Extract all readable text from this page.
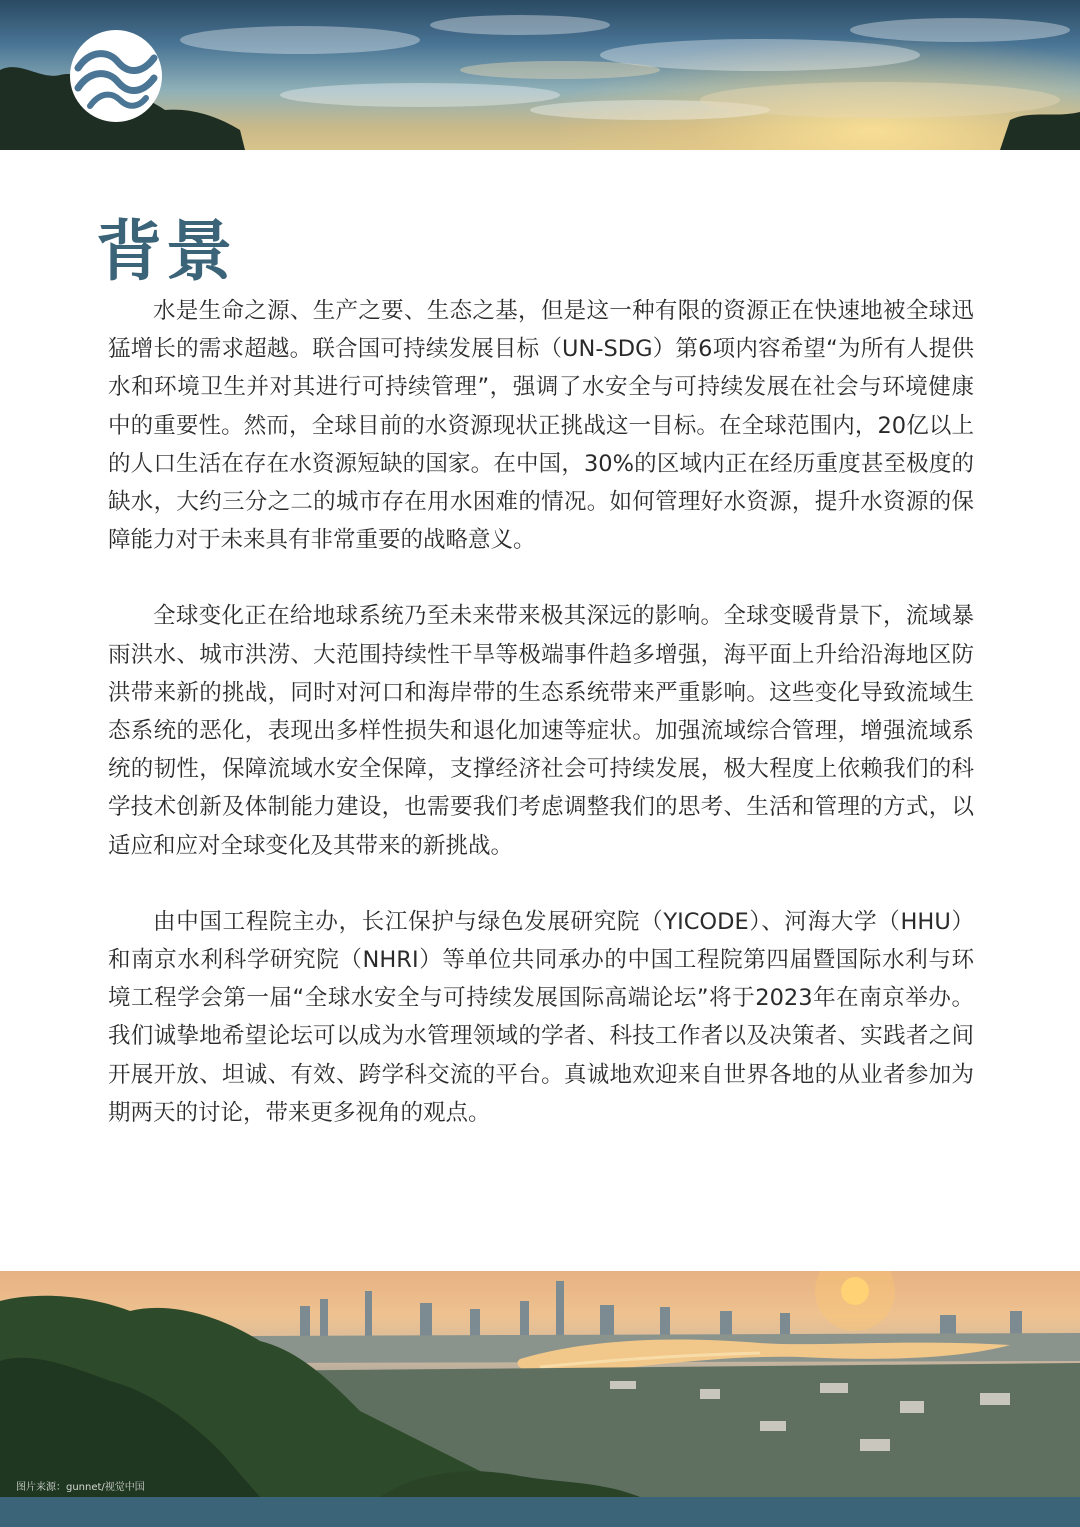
背景

水是生命之源、生产之要、生态之基，但是这一种有限的资源正在快速地被全球迅猛增长的需求超越。联合国可持续发展目标（UN-SDG）第6项内容希望“为所有人提供水和环境卫生并对其进行可持续管理”，强调了水安全与可持续发展在社会与环境健康中的重要性。然而，全球目前的水资源现状正挑战这一目标。在全球范围内，20亿以上的人口生活在存在水资源短缺的国家。在中国，30%的区域内正在经历重度甚至极度的缺水，大约三分之二的城市存在用水困难的情况。如何管理好水资源，提升水资源的保障能力对于未来具有非常重要的战略意义。

全球变化正在给地球系统乃至未来带来极其深远的影响。全球变暖背景下，流域暴雨洪水、城市洪涝、大范围持续性干旱等极端事件趋多增强，海平面上升给沿海地区防洪带来新的挑战，同时对河口和海岸带的生态系统带来严重影响。这些变化导致流域生态系统的恶化，表现出多样性损失和退化加速等症状。加强流域综合管理，增强流域系统的韧性，保障流域水安全保障，支撑经济社会可持续发展，极大程度上依赖我们的科学技术创新及体制能力建设，也需要我们考虑调整我们的思考、生活和管理的方式，以适应和应对全球变化及其带来的新挑战。

由中国工程院主办，长江保护与绿色发展研究院（YICODE）、河海大学（HHU）和南京水利科学研究院（NHRI）等单位共同承办的中国工程院第四届暨国际水利与环境工程学会第一届“全球水安全与可持续发展国际高端论坛”将于2023年在南京举办。我们诚挚地希望论坛可以成为水管理领域的学者、科技工作者以及决策者、实践者之间开展开放、坦诚、有效、跨学科交流的平台。真诚地欢迎来自世界各地的从业者参加为期两天的讨论，带来更多视角的观点。

图片来源：gunnet/视觉中国
